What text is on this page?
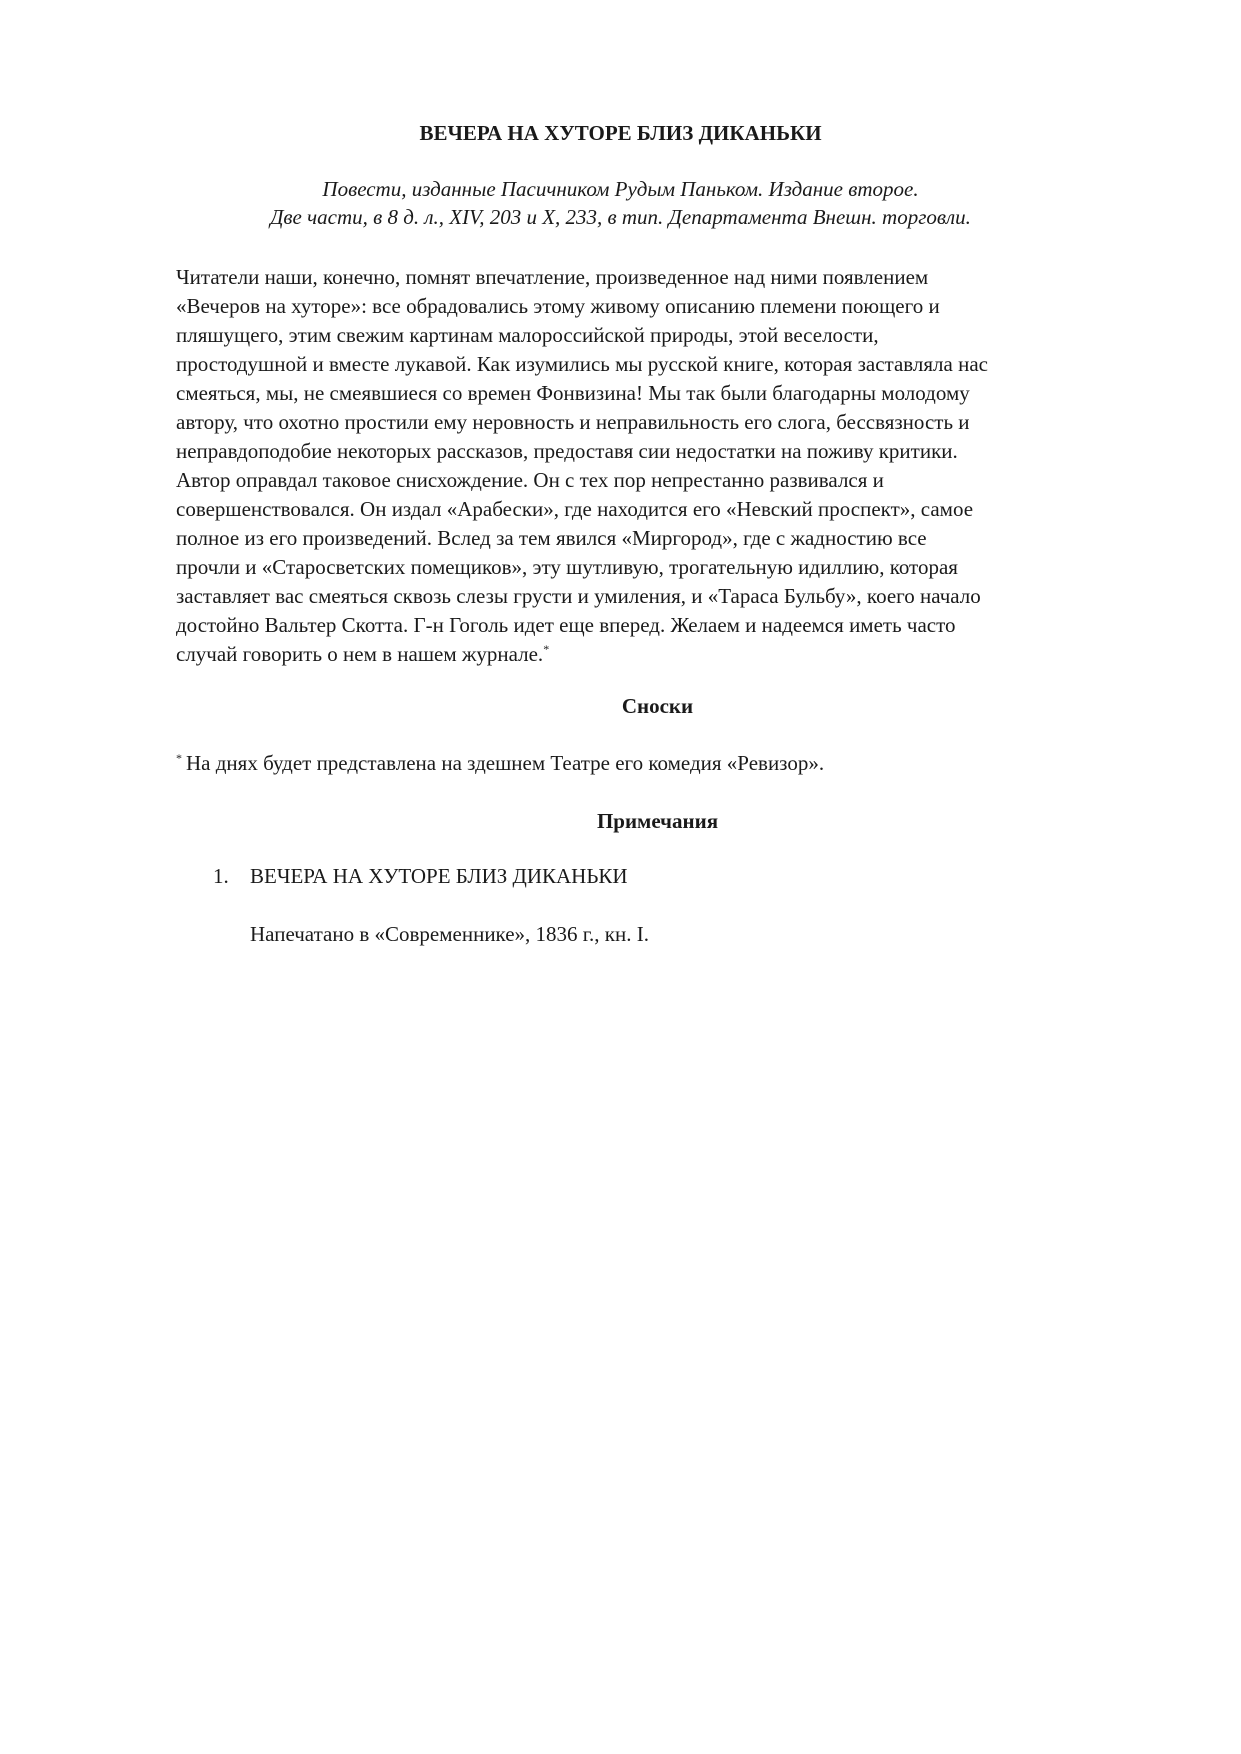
ВЕЧЕРА НА ХУТОРЕ БЛИЗ ДИКАНЬКИ

Повести, изданные Пасичником Рудым Паньком. Издание второе.
Две части, в 8 д. л., XIV, 203 и X, 233, в тип. Департамента Внешн. торговли.

Читатели наши, конечно, помнят впечатление, произведенное над ними появлением
«Вечеров на хуторе»: все обрадовались этому живому описанию племени поющего и
пляшущего, этим свежим картинам малороссийской природы, этой веселости,
простодушной и вместе лукавой. Как изумились мы русской книге, которая заставляла нас
смеяться, мы, не смеявшиеся со времен Фонвизина! Мы так были благодарны молодому
автору, что охотно простили ему неровность и неправильность его слога, бессвязность и
неправдоподобие некоторых рассказов, предоставя сии недостатки на поживу критики.
Автор оправдал таковое снисхождение. Он с тех пор непрестанно развивался и
совершенствовался. Он издал «Арабески», где находится его «Невский проспект», самое
полное из его произведений. Вслед за тем явился «Миргород», где с жадностию все
прочли и «Старосветских помещиков», эту шутливую, трогательную идиллию, которая
заставляет вас смеяться сквозь слезы грусти и умиления, и «Тараса Бульбу», коего начало
достойно Вальтер Скотта. Г-н Гоголь идет еще вперед. Желаем и надеемся иметь часто
случай говорить о нем в нашем журнале.*

Сноски

* На днях будет представлена на здешнем Театре его комедия «Ревизор».

Примечания

1. ВЕЧЕРА НА ХУТОРЕ БЛИЗ ДИКАНЬКИ

Напечатано в «Современнике», 1836 г., кн. I.
